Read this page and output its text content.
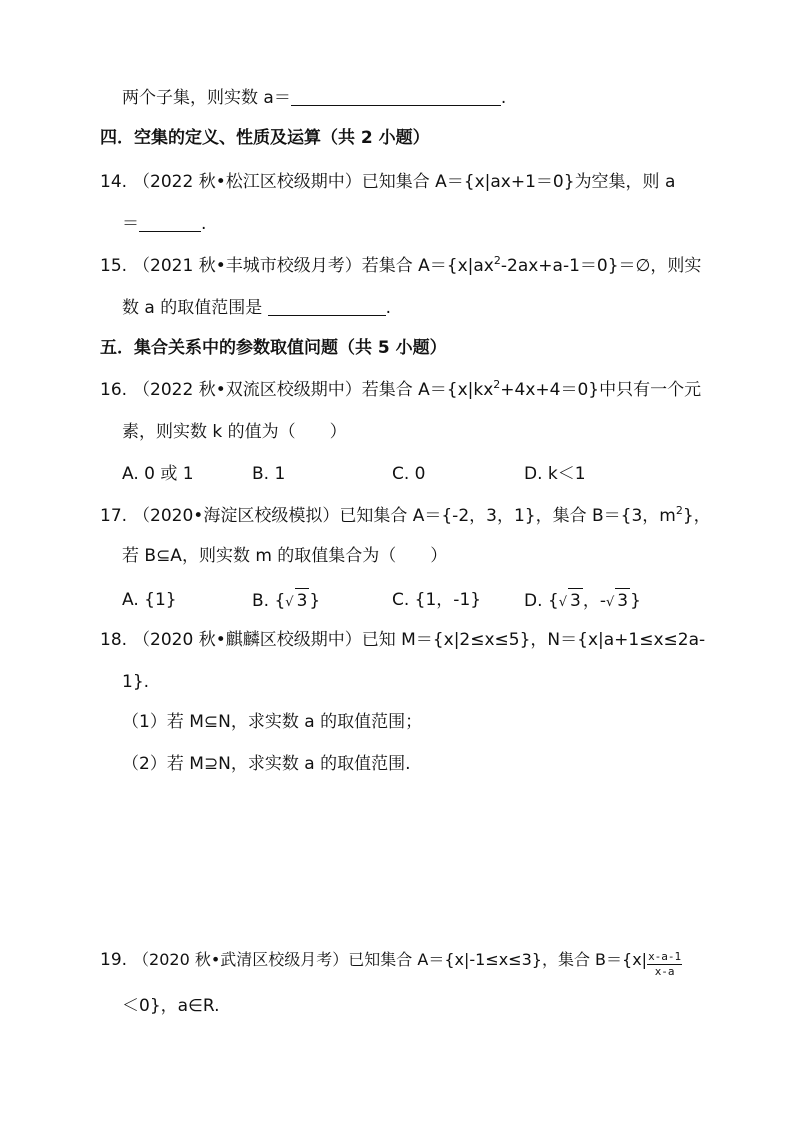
两个子集，则实数 a＝	.
四．空集的定义、性质及运算（共 2 小题）
14. （2022 秋•松江区校级期中）已知集合 A＝{x|ax+1＝0}为空集，则 a
＝	.
15. （2021 秋•丰城市校级月考）若集合 $A=\{x|ax^2-2ax+a-1=0\}=\emptyset$，则实
数 a 的取值范围是	.
五．集合关系中的参数取值问题（共 5 小题）
16. （2022 秋•双流区校级期中）若集合 $A=\{x|kx^2+4x+4=0\}$中只有一个元
素，则实数 k 的值为（　　）
A. 0 或 1	B. 1	C. 0	D. k＜1
17. （2020•海淀区校级模拟）已知集合 A＝{-2，3，1}，集合 B＝{3，$m^2$}，
若 B⊆A，则实数 m 的取值集合为（　　）
A. {1}	B. {√ 3 }	C. {1，-1}	D. {√ 3 ，-√ 3 }
18. （2020 秋•麒麟区校级期中）已知 M＝{x|2≤x≤5}，N＝{x|a+1≤x≤2a-
1}.
（1）若 M⊆N，求实数 a 的取值范围；
（2）若 M⊇N，求实数 a 的取值范围.
19. （2020 秋•武清区校级月考）已知集合 A＝{x|-1≤x≤3}，集合 $B=\{x| \frac{x-a-1}{x-a}$
＜0}，a∈R.
